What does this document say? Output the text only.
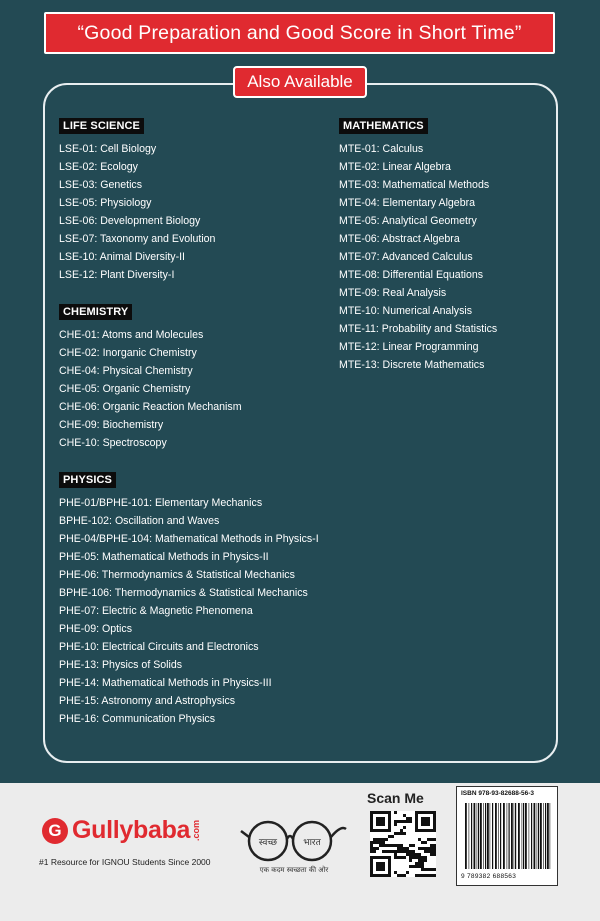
“Good Preparation and Good Score in Short Time”
Also Available
LIFE SCIENCE
LSE-01: Cell Biology
LSE-02: Ecology
LSE-03: Genetics
LSE-05: Physiology
LSE-06: Development Biology
LSE-07: Taxonomy and Evolution
LSE-10: Animal Diversity-II
LSE-12: Plant Diversity-I
CHEMISTRY
CHE-01: Atoms and Molecules
CHE-02: Inorganic Chemistry
CHE-04: Physical Chemistry
CHE-05: Organic Chemistry
CHE-06: Organic Reaction Mechanism
CHE-09: Biochemistry
CHE-10: Spectroscopy
PHYSICS
PHE-01/BPHE-101: Elementary Mechanics
BPHE-102: Oscillation and Waves
PHE-04/BPHE-104: Mathematical Methods in Physics-I
PHE-05: Mathematical Methods in Physics-II
PHE-06: Thermodynamics & Statistical Mechanics
BPHE-106: Thermodynamics & Statistical Mechanics
PHE-07: Electric & Magnetic Phenomena
PHE-09: Optics
PHE-10: Electrical Circuits and Electronics
PHE-13: Physics of Solids
PHE-14: Mathematical Methods in Physics-III
PHE-15: Astronomy and Astrophysics
PHE-16: Communication Physics
MATHEMATICS
MTE-01: Calculus
MTE-02: Linear Algebra
MTE-03: Mathematical Methods
MTE-04: Elementary Algebra
MTE-05: Analytical Geometry
MTE-06: Abstract Algebra
MTE-07: Advanced Calculus
MTE-08: Differential Equations
MTE-09: Real Analysis
MTE-10: Numerical Analysis
MTE-11: Probability and Statistics
MTE-12: Linear Programming
MTE-13: Discrete Mathematics
G Gullybaba .com
#1 Resource for IGNOU Students Since 2000
स्वच्छ	भारत
एक कदम स्वच्छता की ओर
Scan Me	ISBN 978-93-82688-56-3
9 789382 688563
